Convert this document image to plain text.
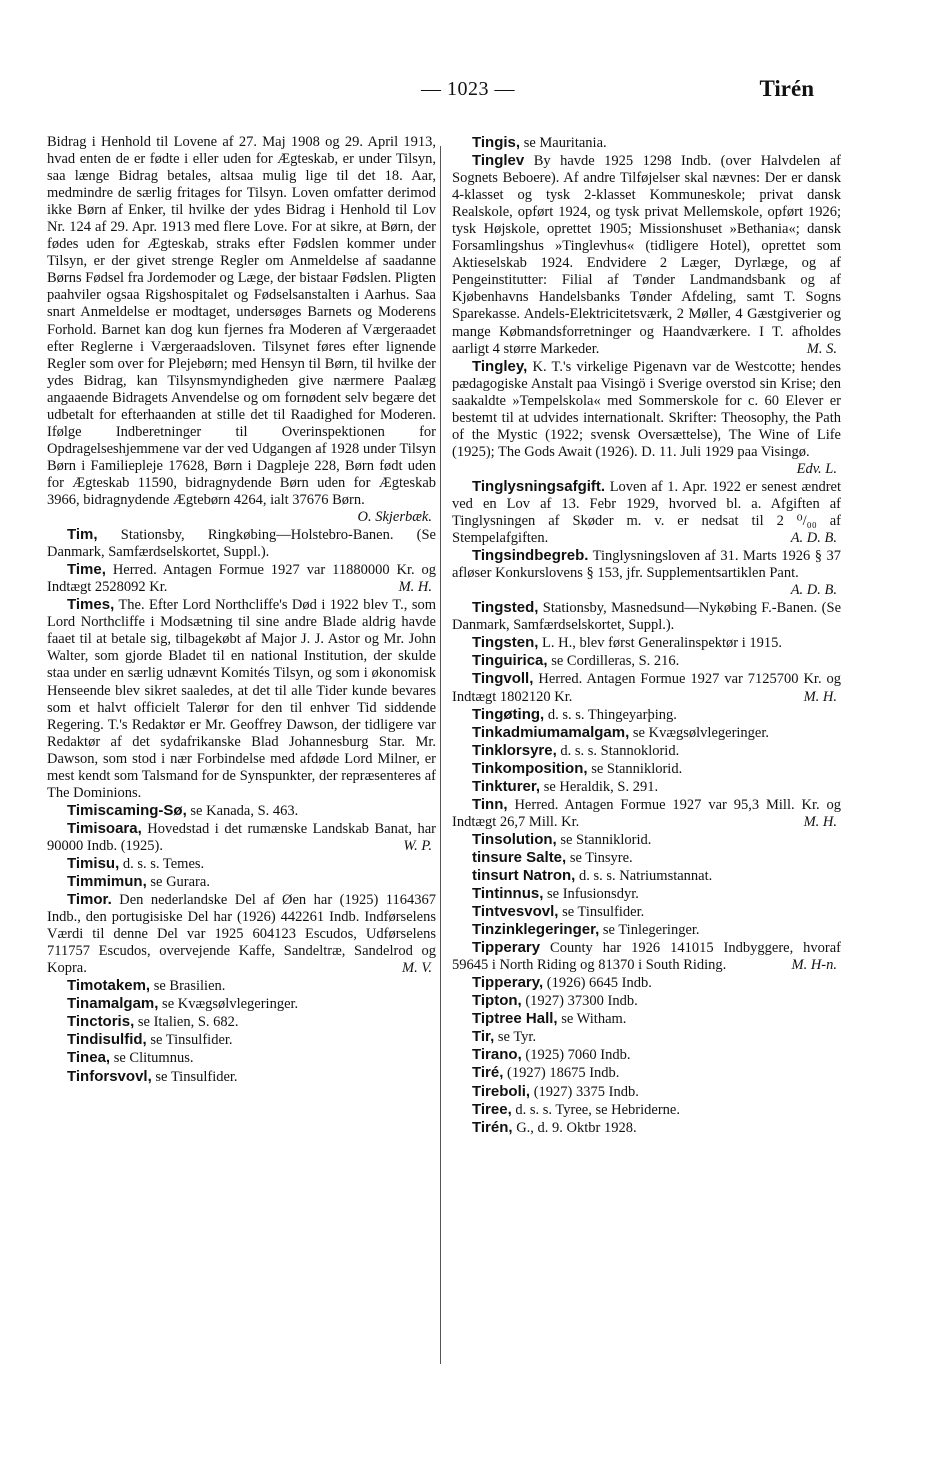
— 1023 —	Tirén

Bidrag i Henhold til Lovene af 27. Maj 1908 og 29. April 1913, hvad enten de er fødte i eller uden for Ægteskab, er under Tilsyn, saa længe Bidrag betales, altsaa mulig lige til det 18. Aar, medmindre de særlig fritages for Tilsyn. Loven omfatter derimod ikke Børn af Enker, til hvilke der ydes Bidrag i Henhold til Lov Nr. 124 af 29. Apr. 1913 med flere Love. For at sikre, at Børn, der fødes uden for Ægteskab, straks efter Fødslen kommer under Tilsyn, er der givet strenge Regler om Anmeldelse af saadanne Børns Fødsel fra Jordemoder og Læge, der bistaar Fødslen. Pligten paahviler ogsaa Rigshospitalet og Fødselsanstalten i Aarhus. Saa snart Anmeldelse er modtaget, undersøges Barnets og Moderens Forhold. Barnet kan dog kun fjernes fra Moderen af Værgeraadet efter Reglerne i Værgeraadsloven. Tilsynet føres efter lignende Regler som over for Plejebørn; med Hensyn til Børn, til hvilke der ydes Bidrag, kan Tilsynsmyndigheden give nærmere Paalæg angaaende Bidragets Anvendelse og om fornødent selv begære det udbetalt for efterhaanden at stille det til Raadighed for Moderen. Ifølge Indberetninger til Overinspektionen for Opdragelseshjemmene var der ved Udgangen af 1928 under Tilsyn Børn i Familiepleje 17628, Børn i Dagpleje 228, Børn født uden for Ægteskab 11590, bidragnydende Børn uden for Ægteskab 3966, bidragnydende Ægtebørn 4264, ialt 37676 Børn.
O. Skjerbæk.

Tim, Stationsby, Ringkøbing—Holstebro-Banen. (Se Danmark, Samfærdselskortet, Suppl.).

Time, Herred. Antagen Formue 1927 var 11880000 Kr. og Indtægt 2528092 Kr.	M. H.

Times, The. Efter Lord Northcliffe's Død i 1922 blev T., som Lord Northcliffe i Modsætning til sine andre Blade aldrig havde faaet til at betale sig, tilbagekøbt af Major J. J. Astor og Mr. John Walter, som gjorde Bladet til en national Institution, der skulde staa under en særlig udnævnt Komités Tilsyn, og som i økonomisk Henseende blev sikret saaledes, at det til alle Tider kunde bevares som et halvt officielt Talerør for den til enhver Tid siddende Regering. T.'s Redaktør er Mr. Geoffrey Dawson, der tidligere var Redaktør af det sydafrikanske Blad Johannesburg Star. Mr. Dawson, som stod i nær Forbindelse med afdøde Lord Milner, er mest kendt som Talsmand for de Synspunkter, der repræsenteres af The Dominions.

Timiscaming-Sø, se Kanada, S. 463.

Timisoara, Hovedstad i det rumænske Landskab Banat, har 90000 Indb. (1925).	W. P.

Timisu, d. s. s. Temes.

Timmimun, se Gurara.

Timor. Den nederlandske Del af Øen har (1925) 1164367 Indb., den portugisiske Del har (1926) 442261 Indb. Indførselens Værdi til denne Del var 1925 604123 Escudos, Udførselens 711757 Escudos, overvejende Kaffe, Sandeltræ, Sandelrod og Kopra.	M. V.

Timotakem, se Brasilien.

Tinamalgam, se Kvægsølvlegeringer.

Tinctoris, se Italien, S. 682.

Tindisulfid, se Tinsulfider.

Tinea, se Clitumnus.

Tinforsvovl, se Tinsulfider.

Tingis, se Mauritania.

Tinglev By havde 1925 1298 Indb. (over Halvdelen af Sognets Beboere). Af andre Tilføjelser skal nævnes: Der er dansk 4-klasset og tysk 2-klasset Kommuneskole; privat dansk Realskole, opført 1924, og tysk privat Mellemskole, opført 1926; tysk Højskole, oprettet 1905; Missionshuset »Bethania«; dansk Forsamlingshus »Tinglevhus« (tidligere Hotel), oprettet som Aktieselskab 1924. Endvidere 2 Læger, Dyrlæge, og af Pengeinstitutter: Filial af Tønder Landmandsbank og af Kjøbenhavns Handelsbanks Tønder Afdeling, samt T. Sogns Sparekasse. Andels-Elektricitetsværk, 2 Møller, 4 Gæstgiverier og mange Købmandsforretninger og Haandværkere. I T. afholdes aarligt 4 større Markeder.	M. S.

Tingley, K. T.'s virkelige Pigenavn var de Westcotte; hendes pædagogiske Anstalt paa Visingö i Sverige overstod sin Krise; den saakaldte »Tempelskola« med Sommerskole for c. 60 Elever er bestemt til at udvides internationalt. Skrifter: Theosophy, the Path of the Mystic (1922; svensk Oversættelse), The Wine of Life (1925); The Gods Await (1926). D. 11. Juli 1929 paa Visingø.
Edv. L.

Tinglysningsafgift. Loven af 1. Apr. 1922 er senest ændret ved en Lov af 13. Febr 1929, hvorved bl. a. Afgiften af Tinglysningen af Skøder m. v. er nedsat til 2 ⁰/₀₀ af Stempelafgiften.	A. D. B.

Tingsindbegreb. Tinglysningsloven af 31. Marts 1926 § 37 afløser Konkurslovens § 153, jfr. Supplementsartiklen Pant.
A. D. B.

Tingsted, Stationsby, Masnedsund—Nykøbing F.-Banen. (Se Danmark, Samfærdselskortet, Suppl.).

Tingsten, L. H., blev først Generalinspektør i 1915.

Tinguirica, se Cordilleras, S. 216.

Tingvoll, Herred. Antagen Formue 1927 var 7125700 Kr. og Indtægt 1802120 Kr.	M. H.

Tingøting, d. s. s. Thingeyarþing.

Tinkadmiumamalgam, se Kvægsølvlegeringer.

Tinklorsyre, d. s. s. Stannoklorid.

Tinkomposition, se Stanniklorid.

Tinkturer, se Heraldik, S. 291.

Tinn, Herred. Antagen Formue 1927 var 95,3 Mill. Kr. og Indtægt 26,7 Mill. Kr.	M. H.

Tinsolution, se Stanniklorid.

tinsure Salte, se Tinsyre.

tinsurt Natron, d. s. s. Natriumstannat.

Tintinnus, se Infusionsdyr.

Tintvesvovl, se Tinsulfider.

Tinzinklegeringer, se Tinlegeringer.

Tipperary County har 1926 141015 Indbyggere, hvoraf 59645 i North Riding og 81370 i South Riding.	M. H-n.

Tipperary, (1926) 6645 Indb.

Tipton, (1927) 37300 Indb.

Tiptree Hall, se Witham.

Tir, se Tyr.

Tirano, (1925) 7060 Indb.

Tiré, (1927) 18675 Indb.

Tireboli, (1927) 3375 Indb.

Tiree, d. s. s. Tyree, se Hebriderne.

Tirén, G., d. 9. Oktbr 1928.
